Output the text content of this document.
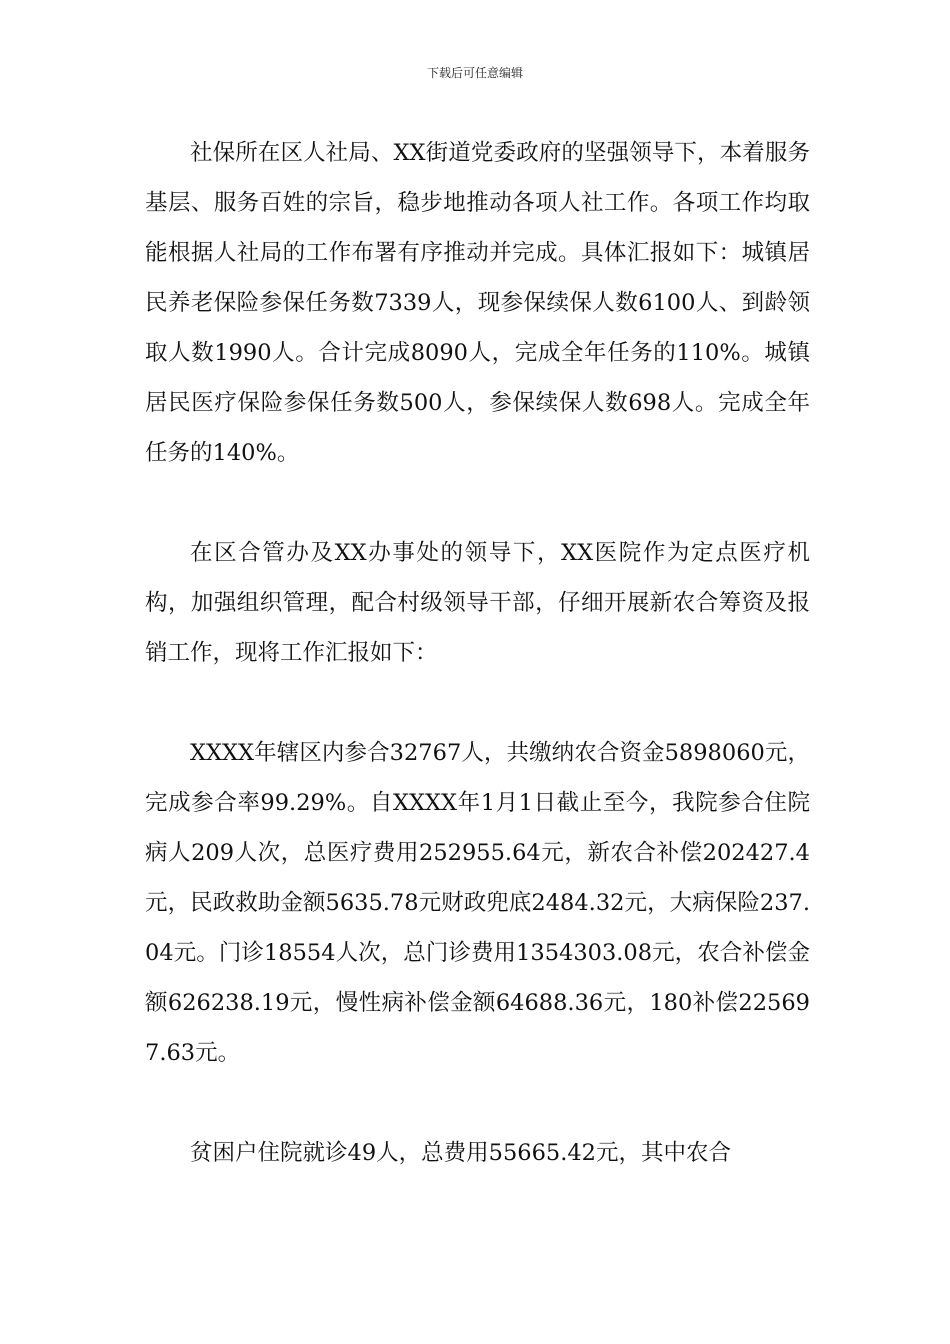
下载后可任意编辑

社保所在区人社局、XX街道党委政府的坚强领导下，本着服务基层、服务百姓的宗旨，稳步地推动各项人社工作。各项工作均取能根据人社局的工作布署有序推动并完成。具体汇报如下：城镇居民养老保险参保任务数7339人，现参保续保人数6100人、到龄领取人数1990人。合计完成8090人，完成全年任务的110%。城镇居民医疗保险参保任务数500人，参保续保人数698人。完成全年任务的140%。

在区合管办及XX办事处的领导下，XX医院作为定点医疗机构，加强组织管理，配合村级领导干部，仔细开展新农合筹资及报销工作，现将工作汇报如下：

XXXX年辖区内参合32767人，共缴纳农合资金5898060元，完成参合率99.29%。自XXXX年1月1日截止至今，我院参合住院病人209人次，总医疗费用252955.64元，新农合补偿202427.4元，民政救助金额5635.78元财政兜底2484.32元，大病保险237.04元。门诊18554人次，总门诊费用1354303.08元，农合补偿金额626238.19元，慢性病补偿金额64688.36元，180补偿225697.63元。

贫困户住院就诊49人，总费用55665.42元，其中农合
